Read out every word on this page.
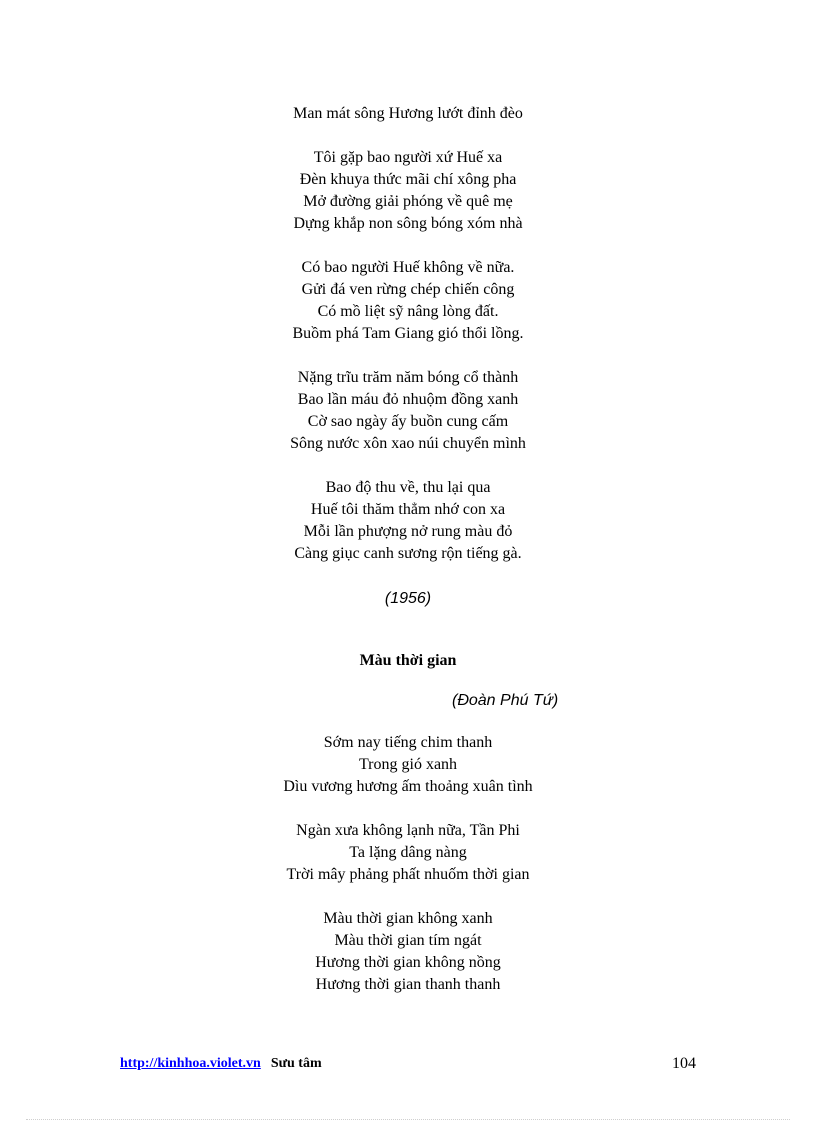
Man mát sông Hương lướt đỉnh đèo
Tôi gặp bao người xứ Huế xa
Đèn khuya thức mãi chí xông pha
Mở đường giải phóng về quê mẹ
Dựng khắp non sông bóng xóm nhà
Có bao người Huế không về nữa.
Gửi đá ven rừng chép chiến công
Có mồ liệt sỹ nâng lòng đất.
Buồm phá Tam Giang gió thổi lồng.
Nặng trĩu trăm năm bóng cổ thành
Bao lần máu đỏ nhuộm đồng xanh
Cờ sao ngày ấy buồn cung cấm
Sông nước xôn xao núi chuyển mình
Bao độ thu về, thu lại qua
Huế tôi thăm thẳm nhớ con xa
Mỗi lần phượng nở rung màu đỏ
Càng giục canh sương rộn tiếng gà.
(1956)
Màu thời gian
(Đoàn Phú Tứ)
Sớm nay tiếng chim thanh
Trong gió xanh
Dìu vương hương ấm thoảng xuân tình
Ngàn xưa không lạnh nữa, Tần Phi
Ta lặng dâng nàng
Trời mây phảng phất nhuốm thời gian
Màu thời gian không xanh
Màu thời gian tím ngát
Hương thời gian không nồng
Hương thời gian thanh thanh
http://kinhhoa.violet.vn Sưu tâm	104
